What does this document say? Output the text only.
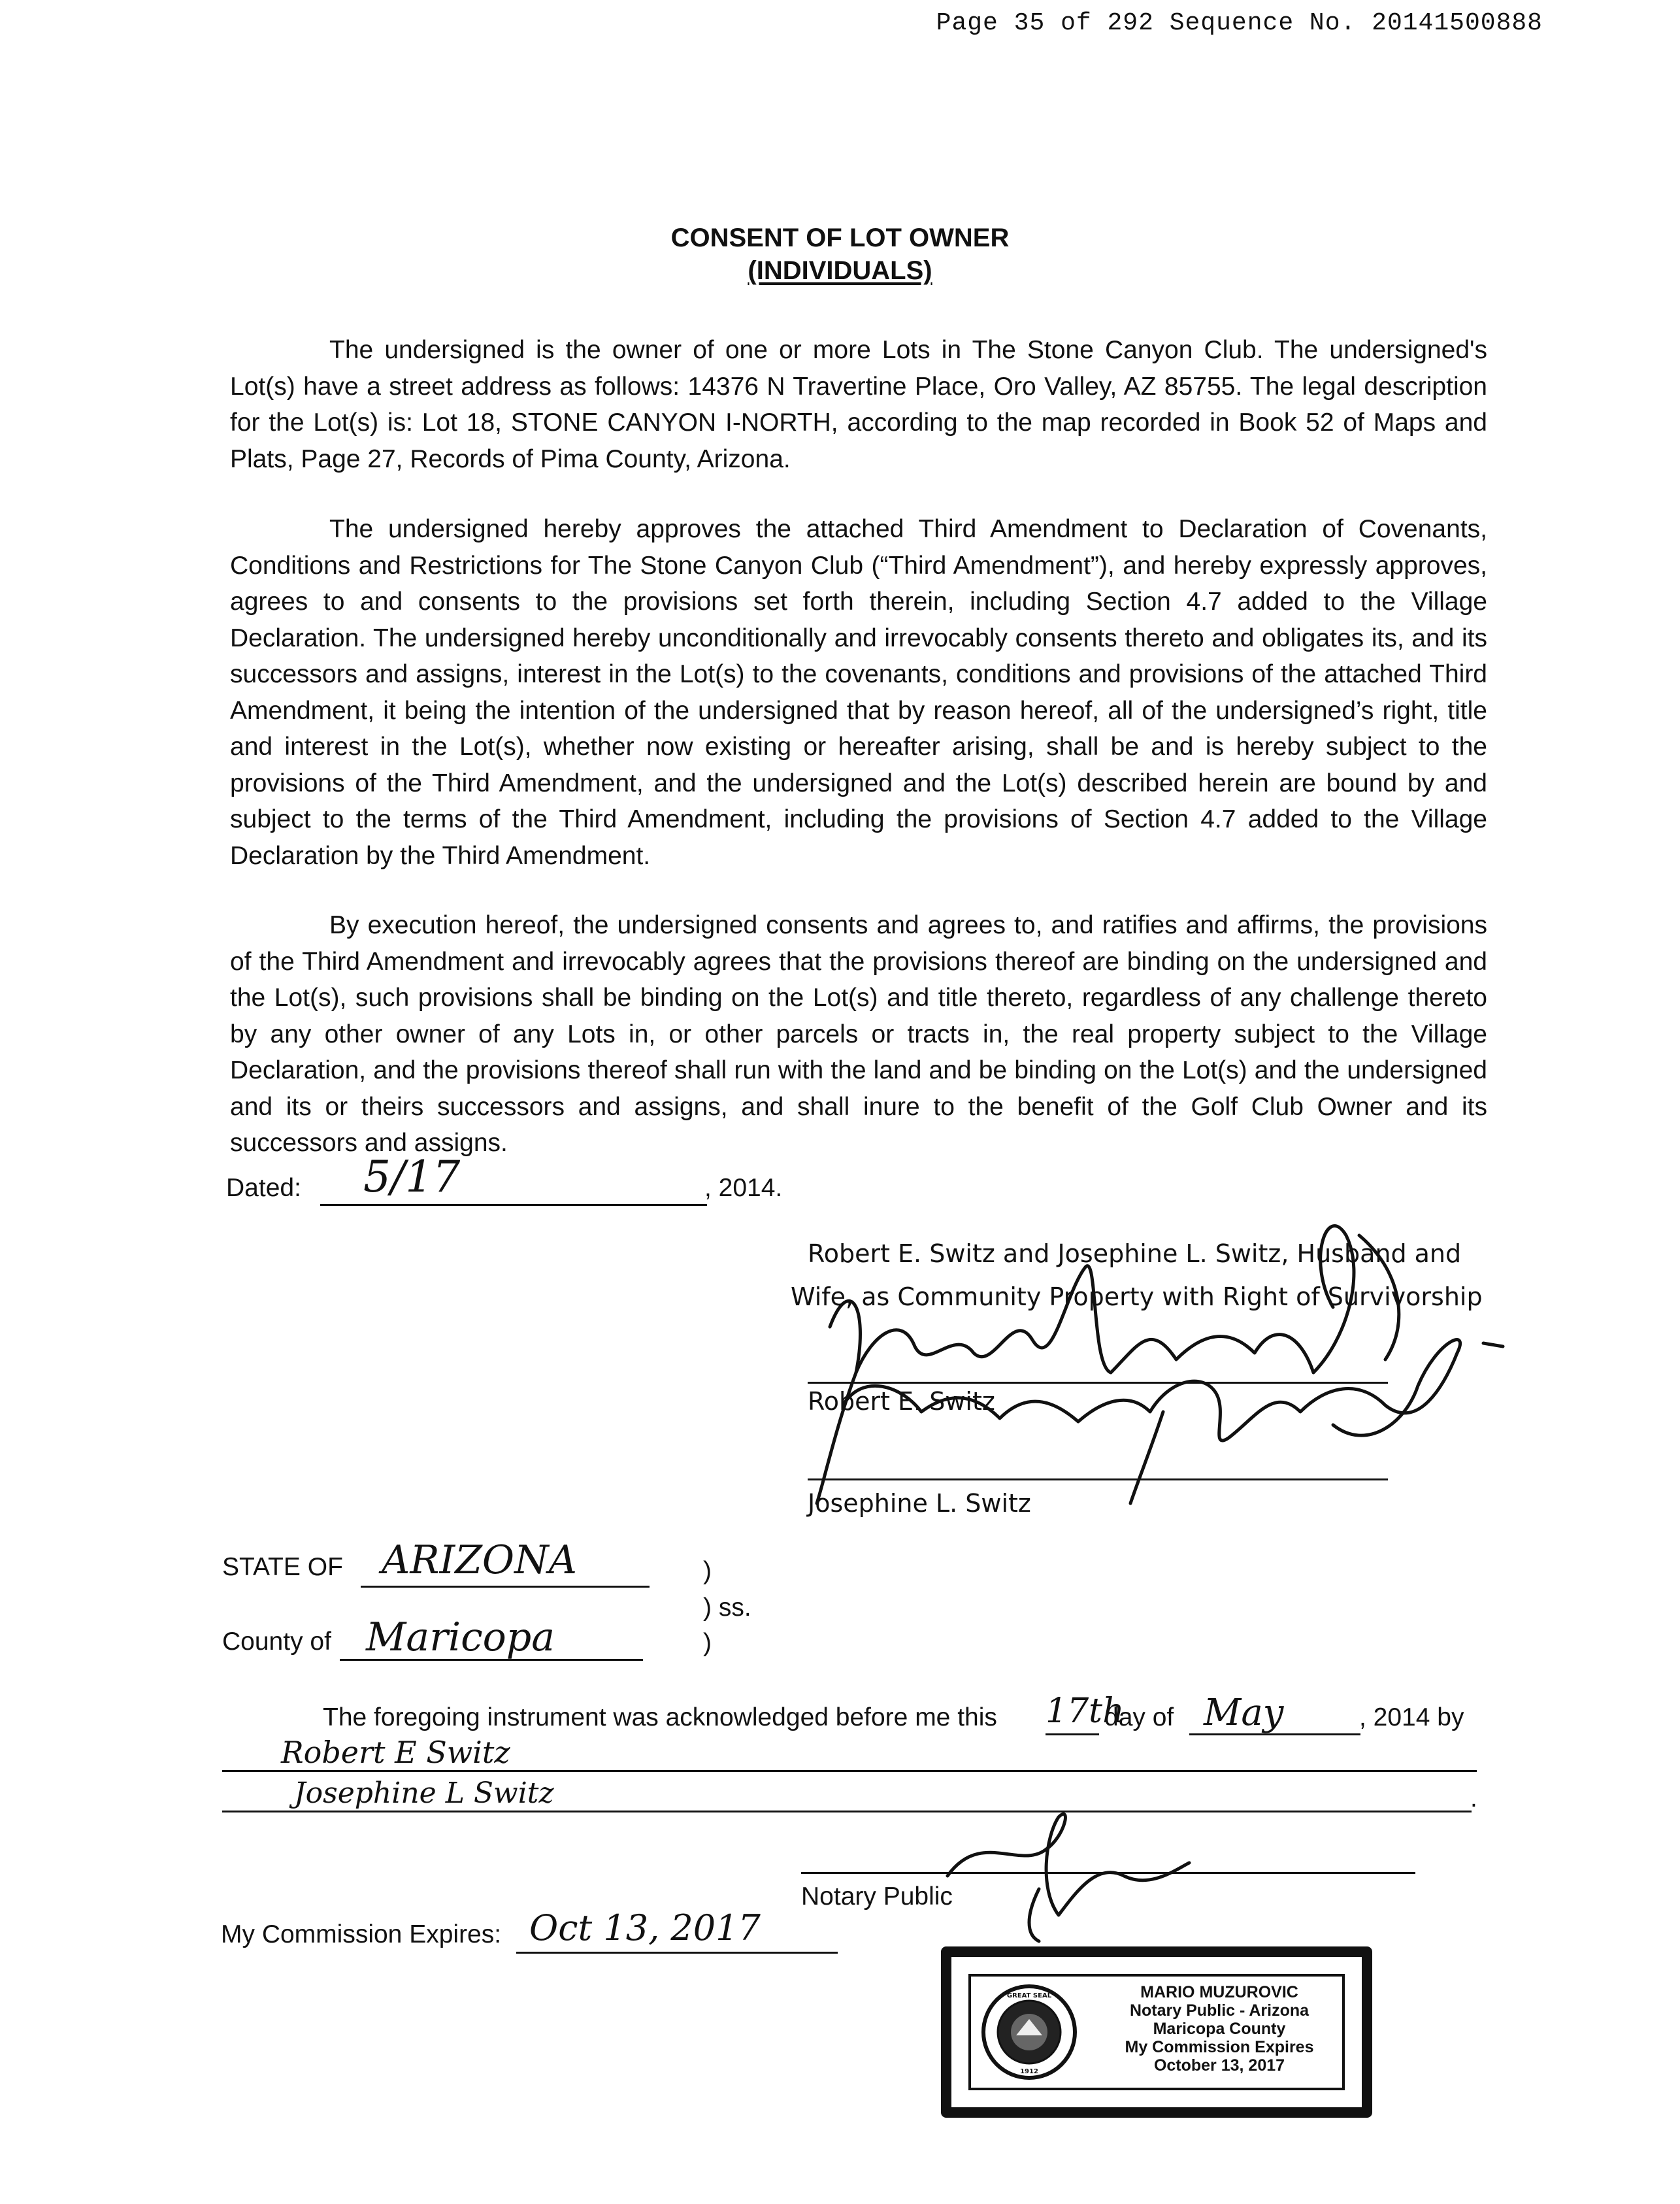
Page 35 of 292 Sequence No. 20141500888
CONSENT OF LOT OWNER
(INDIVIDUALS)

The undersigned is the owner of one or more Lots in The Stone Canyon Club. The undersigned's Lot(s) have a street address as follows: 14376 N Travertine Place, Oro Valley, AZ 85755. The legal description for the Lot(s) is: Lot 18, STONE CANYON I-NORTH, according to the map recorded in Book 52 of Maps and Plats, Page 27, Records of Pima County, Arizona.

The undersigned hereby approves the attached Third Amendment to Declaration of Covenants, Conditions and Restrictions for The Stone Canyon Club (“Third Amendment”), and hereby expressly approves, agrees to and consents to the provisions set forth therein, including Section 4.7 added to the Village Declaration. The undersigned hereby unconditionally and irrevocably consents thereto and obligates its, and its successors and assigns, interest in the Lot(s) to the covenants, conditions and provisions of the attached Third Amendment, it being the intention of the undersigned that by reason hereof, all of the undersigned’s right, title and interest in the Lot(s), whether now existing or hereafter arising, shall be and is hereby subject to the provisions of the Third Amendment, and the undersigned and the Lot(s) described herein are bound by and subject to the terms of the Third Amendment, including the provisions of Section 4.7 added to the Village Declaration by the Third Amendment.

By execution hereof, the undersigned consents and agrees to, and ratifies and affirms, the provisions of the Third Amendment and irrevocably agrees that the provisions thereof are binding on the undersigned and the Lot(s), such provisions shall be binding on the Lot(s) and title thereto, regardless of any challenge thereto by any other owner of any Lots in, or other parcels or tracts in, the real property subject to the Village Declaration, and the provisions thereof shall run with the land and be binding on the Lot(s) and the undersigned and its or theirs successors and assigns, and shall inure to the benefit of the Golf Club Owner and its successors and assigns.

Dated: 5/17	, 2014.
Robert E. Switz and Josephine L. Switz, Husband and
Wife, as Community Property with Right of Survivorship
Robert E. Switz
Josephine L. Switz
STATE OF ARIZONA
County of Maricopa
)
) ss.
)
The foregoing instrument was acknowledged before me this 17th
day of May	, 2014 by
Robert E Switz
Josephine L Switz	.
Notary Public
My Commission Expires: Oct 13, 2017
GREAT SEAL
1912
MARIO MUZUROVIC
Notary Public - Arizona
Maricopa County
My Commission Expires
October 13, 2017
